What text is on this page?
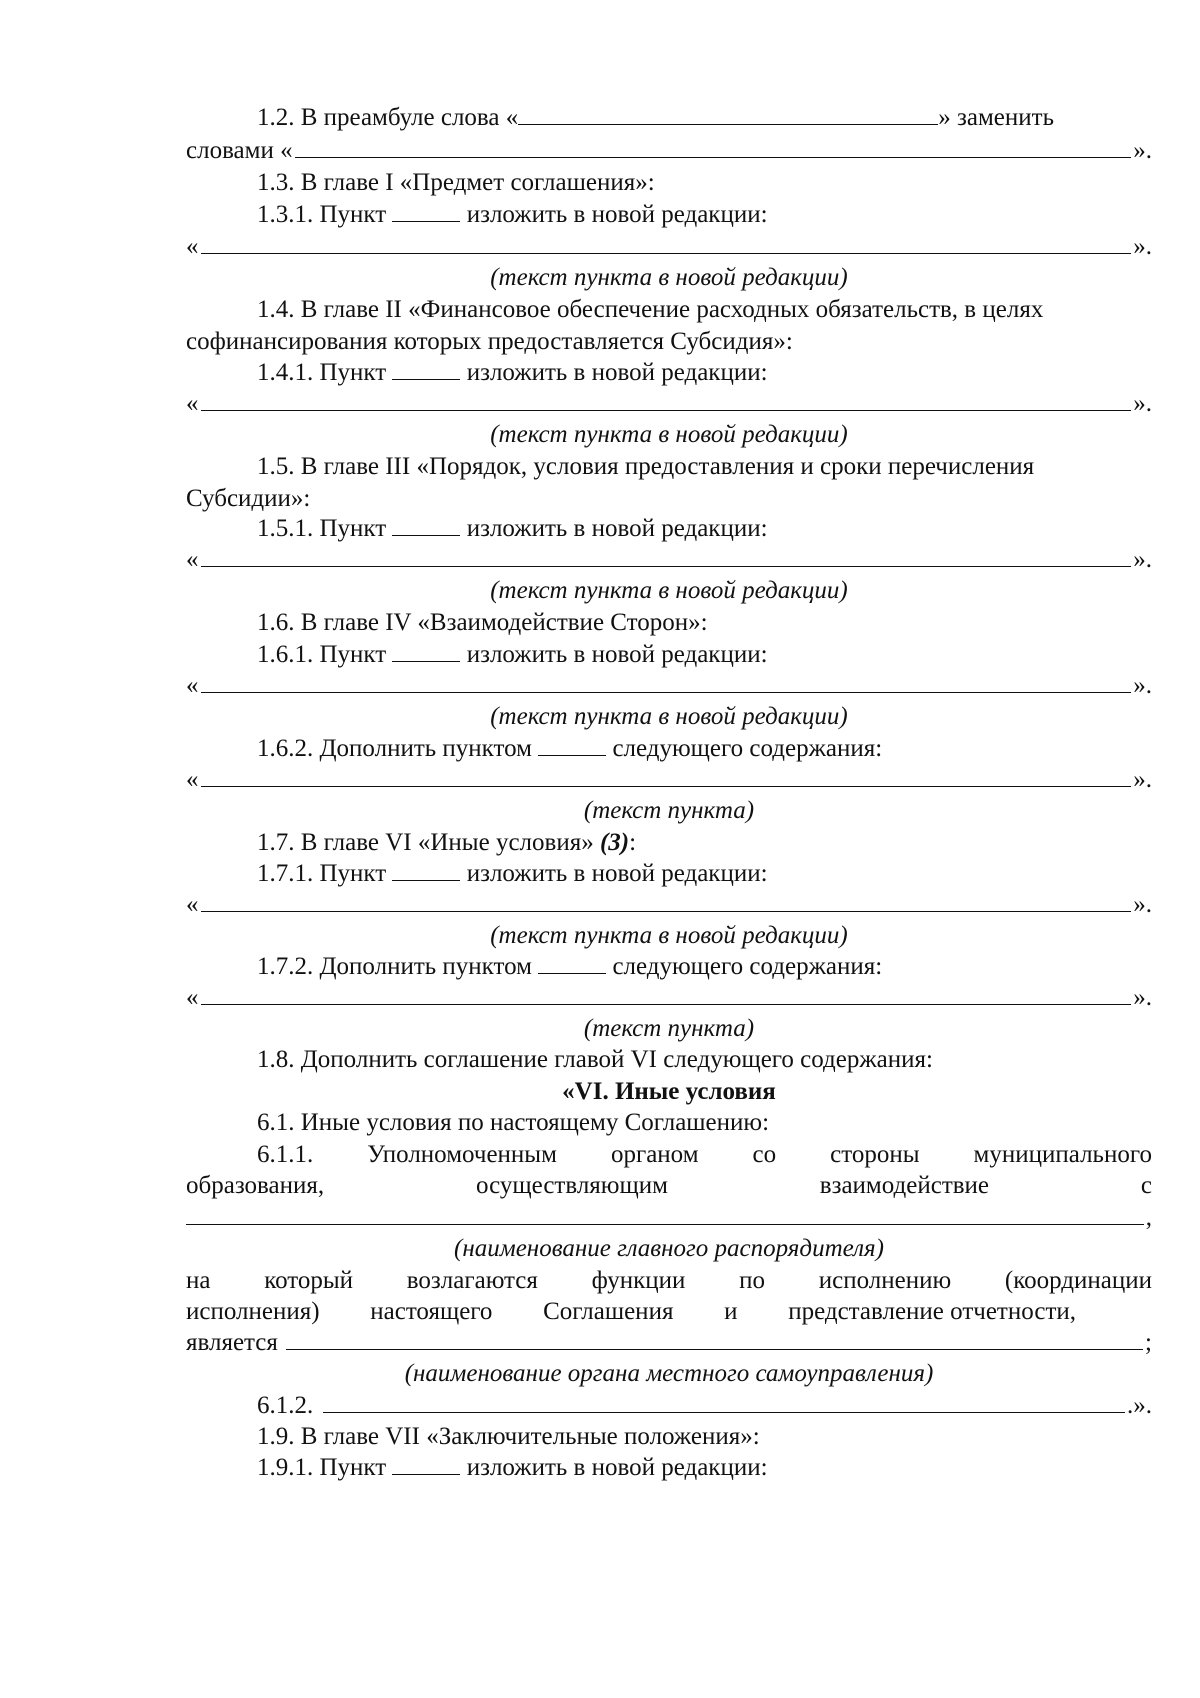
1.2. В преамбуле слова «	» заменить
словами «	».
1.3. В главе I «Предмет соглашения»:
1.3.1. Пункт	изложить в новой редакции:
«	».
(текст пункта в новой редакции)
1.4. В главе II «Финансовое обеспечение расходных обязательств, в целях
софинансирования которых предоставляется Субсидия»:
1.4.1. Пункт	изложить в новой редакции:
«	».
(текст пункта в новой редакции)
1.5. В главе III «Порядок, условия предоставления и сроки перечисления
Субсидии»:
1.5.1. Пункт	изложить в новой редакции:
«	».
(текст пункта в новой редакции)
1.6. В главе IV «Взаимодействие Сторон»:
1.6.1. Пункт	изложить в новой редакции:
«	».
(текст пункта в новой редакции)
1.6.2. Дополнить пунктом	следующего содержания:
«	».
(текст пункта)
1.7. В главе VI «Иные условия» (3):
1.7.1. Пункт	изложить в новой редакции:
«	».
(текст пункта в новой редакции)
1.7.2. Дополнить пунктом	следующего содержания:
«	».
(текст пункта)
1.8. Дополнить соглашение главой VI следующего содержания:
«VI. Иные условия
6.1. Иные условия по настоящему Соглашению:
6.1.1. Уполномоченным органом со стороны муниципального
образования,	осуществляющим	взаимодействие	с
,
(наименование главного распорядителя)
на который возлагаются функции по исполнению (координации
исполнения) настоящего Соглашения и представление отчетности,
является	;
(наименование органа местного самоуправления)
6.1.2.	.».
1.9. В главе VII «Заключительные положения»:
1.9.1. Пункт	изложить в новой редакции:
